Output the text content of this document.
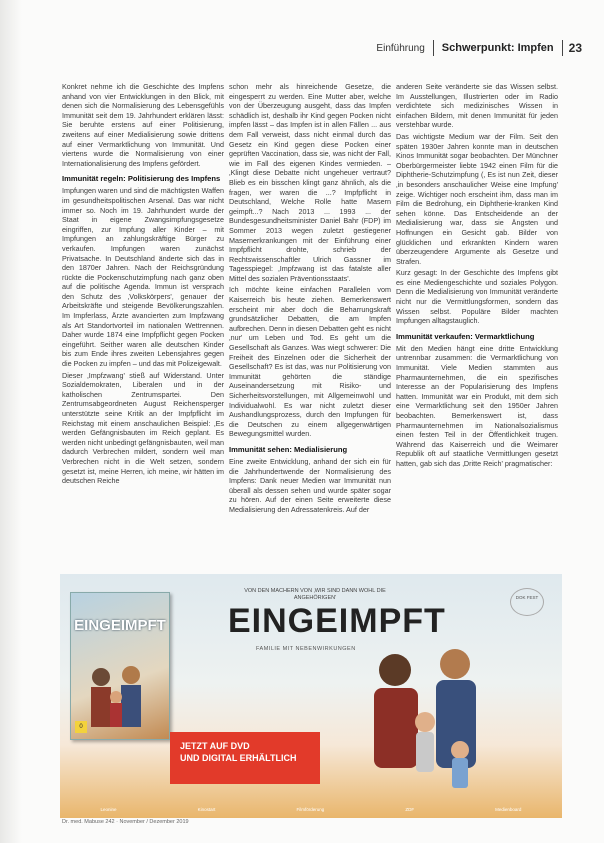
Einführung Schwerpunkt: Impfen 23

Konkret nehme ich die Geschichte des Impfens anhand von vier Entwicklungen in den Blick, mit denen sich die Normalisierung des Lebensgefühls Immunität seit dem 19. Jahrhundert erklären lässt: Sie beruhte erstens auf einer Politisierung, zweitens auf einer Medialisierung sowie drittens auf einer Vermarktlichung von Immunität. Und viertens wurde die Normalisierung von einer Internationalisierung des Impfens gefördert.

Immunität regeln: Politisierung des Impfens

Impfungen waren und sind die mächtigsten Waffen im gesundheitspolitischen Arsenal. Das war nicht immer so. Noch im 19. Jahrhundert wurde der Staat in eigene Zwangsimpfungsgesetze eingriffen, zur Impfung aller Kinder – mit Impfungen an zahlungskräftige Bürger zu verkaufen. Impfungen waren zunächst Privatsache. In Deutschland änderte sich das in den 1870er Jahren. Nach der Reichsgründung rückte die Pockenschutzimpfung nach ganz oben auf die politische Agenda. Immun ist versprach den Schutz des ‚Volkskörpers', genauer der Arbeitskräfte und steigende Bevölkerungszahlen. Im Impferlass, Ärzte avancierten zum Impfzwang als Art Standortvorteil im nationalen Wettrennen. Daher wurde 1874 eine Impfpflicht gegen Pocken eingeführt. Seither waren alle deutschen Kinder bis zum Ende ihres zweiten Lebensjahres gegen die Pocken zu impfen – und das mit Polizeigewalt.

Dieser ‚Impfzwang' stieß auf Widerstand. Unter Sozialdemokraten, Liberalen und in der katholischen Zentrumspartei. Den Zentrumsabgeordneten August Reichensperger unterstützte seine Kritik an der Impfpflicht im Reichstag mit einem anschaulichen Beispiel: ‚Es werden Gefängnisbauten im Reich geplant. Es werden nicht unbedingt gefängnisbauten, weil man dadurch Verbrechen mildert, sondern weil man Verbrechen nicht in die Welt setzen, sondern gesetzt ist, meine Herren, ich meine, wir hätten im deutschen Reiche

schon mehr als hinreichende Gesetze, die eingesperrt zu werden. Eine Mutter aber, welche von der Überzeugung ausgeht, dass das Impfen schädlich ist, deshalb ihr Kind gegen Pocken nicht impfen lässt – das Impfen ist in allen Fällen ... aus dem Fall verweist, dass nicht einmal durch das Gesetz ein Kind gegen diese Pocken einer geprüften Vaccination, dass sie, was nicht der Fall, wie im Fall des eigenen Kindes vermieden. – ‚Klingt diese Debatte nicht ungeheuer vertraut? Blieb es ein bisschen klingt ganz ähnlich, als die fragen, wer waren die ...? Impfpflicht in Deutschland, Welche Rolle hatte Masern geimpft...? Nach 2013 ... 1993 ... der Bundesgesundheitsminister Daniel Bahr (FDP) im Sommer 2013 wegen zuletzt gestiegener Masernerkrankungen mit der Einführung einer Impfpflicht drohte, schrieb der Rechtswissenschaftler Ulrich Gassner im Tagesspiegel: ‚Impfzwang ist das fatalste aller Mittel des sozialen Präventionsstaats'.

Ich möchte keine einfachen Parallelen vom Kaiserreich bis heute ziehen. Bemerkenswert erscheint mir aber doch die Beharrungskraft grundsätzlicher Debatten, die am Impfen aufbrechen. Denn in diesen Debatten geht es nicht ‚nur' um Leben und Tod. Es geht um die Gesellschaft als Ganzes. Was wiegt schwerer: Die Freiheit des Einzelnen oder die Sicherheit der Gesellschaft? Es ist das, was nur Politisierung von Immunität gehörten die ständige Auseinandersetzung mit Risiko- und Sicherheitsvorstellungen, mit Allgemeinwohl und Individualwohl. Es war nicht zuletzt dieser Aushandlungsprozess, durch den Impfungen für die Deutschen zu einem allgegenwärtigen Bewegungsmittel wurden.

Immunität sehen: Medialisierung

Eine zweite Entwicklung, anhand der sich ein für die Jahrhundertwende der Normalisierung des Impfens: Dank neuer Medien war Immunität nun überall als dessen sehen und wurde später sogar zu hören. Auf der einen Seite erweiterte diese Medialisierung den Adressatenkreis. Auf der

anderen Seite veränderte sie das Wissen selbst. Im Ausstellungen, Illustrierten oder im Radio verdichtete sich medizinisches Wissen in einfachen Bildern, mit denen Immunität für jeden verstehbar wurde.

Das wichtigste Medium war der Film. Seit den späten 1930er Jahren konnte man in deutschen Kinos Immunität sogar beobachten. Der Münchner Oberbürgermeister liebte 1942 einen Film für die Diphtherie-Schutzimpfung (‚ Es ist nun Zeit, dieser ‚in besonders anschaulicher Weise eine Impfung' zeige. Wichtiger noch erscheint ihm, dass man im Film die Bedrohung, ein Diphtherie-kranken Kind sehen könne. Das Entscheidende an der Medialisierung war, dass sie Ängsten und Hoffnungen ein Gesicht gab. Bilder von glücklichen und erkrankten Kindern waren überzeugendere Argumente als Gesetze und Strafen.

Kurz gesagt: In der Geschichte des Impfens gibt es eine Mediengeschichte und soziales Polygon. Denn die Medialisierung von Immunität veränderte nicht nur die Vermittlungsformen, sondern das Wissen selbst. Populäre Bilder machten Impfungen alltagstauglich.

Immunität verkaufen: Vermarktlichung

Mit den Medien hängt eine dritte Entwicklung untrennbar zusammen: die Vermarktlichung von Immunität. Viele Medien stammten aus Pharmaunternehmen, die ein spezifisches Interesse an der Popularisierung des Impfens hatten. Immunität war ein Produkt, mit dem sich eine Vermarktlichung seit den 1950er Jahren beobachten. Bemerkenswert ist, dass Pharmaunternehmen im Nationalsozialismus einen festen Teil in der Öffentlichkeit trugen. Während das Kaiserreich und die Weimarer Republik oft auf staatliche Vermittlungen gesetzt hatten, gab sich das ‚Dritte Reich' pragmatischer:

EINGEIMPFT
0
VON DEN MACHERN VON ‚WIR SIND DANN WOHL DIE ANGEHÖRIGEN'
EINGEIMPFT
FAMILIE MIT NEBENWIRKUNGEN
DOK FEST
JETZT AUF DVD
UND DIGITAL ERHÄLTLICH
Leonine	Kinostart	Filmförderung	ZDF	Medienboard
Dr. med. Mabuse 242 · November / Dezember 2019
